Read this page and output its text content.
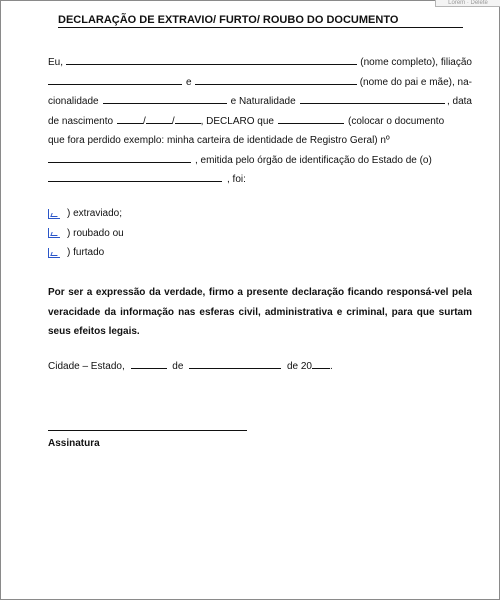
Lorem · Delete
DECLARAÇÃO DE EXTRAVIO/ FURTO/ ROUBO DO DOCUMENTO
Eu,	(nome completo), filiação
e	(nome do pai e mãe), na-
cionalidade	e Naturalidade	, data
de nascimento	/	/	, DECLARO que	(colocar o documento

que fora perdido exemplo: minha carteira de identidade de Registro Geral) nº

, emitida pelo órgão de identificação do Estado de (o)
, foi:
) extraviado;
) roubado ou
) furtado
Por ser a expressão da verdade, firmo a presente declaração ficando responsá-vel pela veracidade da informação nas esferas civil, administrativa e criminal, para que surtam seus efeitos legais.
Cidade – Estado,	de	de 20 .
Assinatura
